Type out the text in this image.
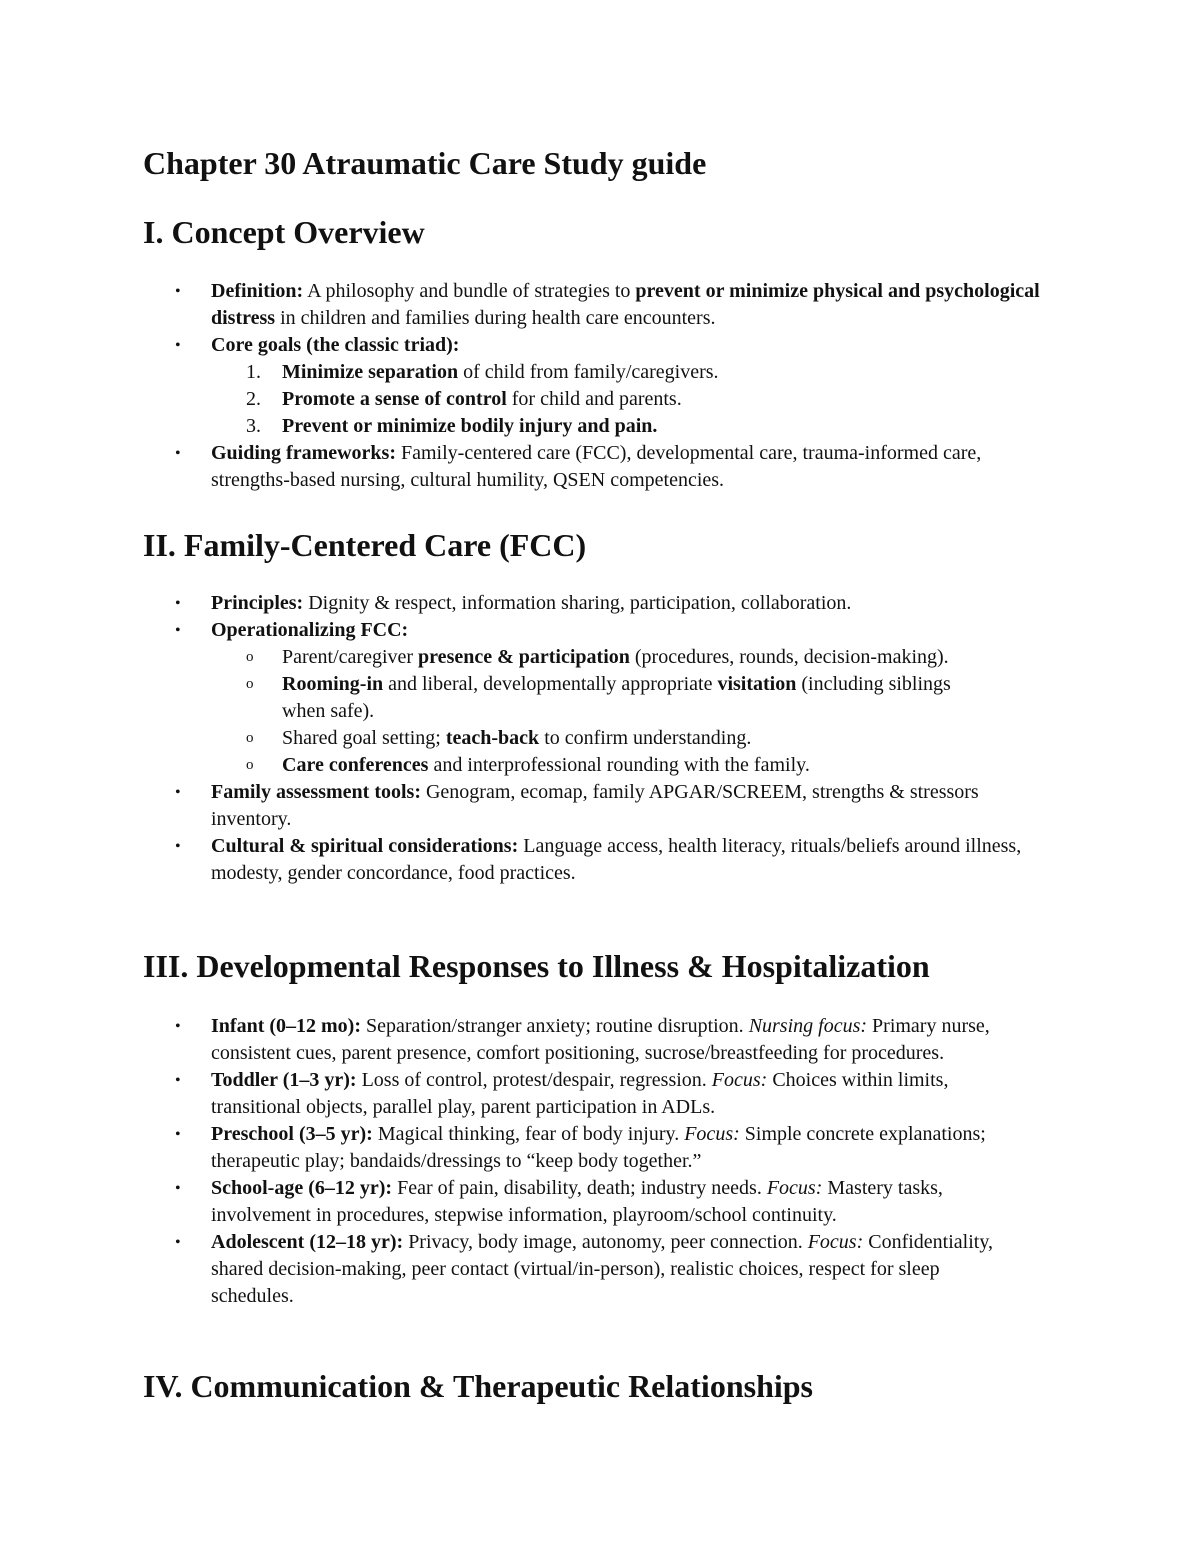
Chapter 30 Atraumatic Care Study guide
I. Concept Overview
• Definition: A philosophy and bundle of strategies to prevent or minimize physical and psychological distress in children and families during health care encounters.
• Core goals (the classic triad):
1. Minimize separation of child from family/caregivers.
2. Promote a sense of control for child and parents.
3. Prevent or minimize bodily injury and pain.
• Guiding frameworks: Family-centered care (FCC), developmental care, trauma-informed care, strengths-based nursing, cultural humility, QSEN competencies.
II. Family-Centered Care (FCC)
• Principles: Dignity & respect, information sharing, participation, collaboration.
• Operationalizing FCC:
o Parent/caregiver presence & participation (procedures, rounds, decision-making).
o Rooming-in and liberal, developmentally appropriate visitation (including siblings when safe).
o Shared goal setting; teach-back to confirm understanding.
o Care conferences and interprofessional rounding with the family.
• Family assessment tools: Genogram, ecomap, family APGAR/SCREEM, strengths & stressors inventory.
• Cultural & spiritual considerations: Language access, health literacy, rituals/beliefs around illness, modesty, gender concordance, food practices.
III. Developmental Responses to Illness & Hospitalization
• Infant (0–12 mo): Separation/stranger anxiety; routine disruption. Nursing focus: Primary nurse, consistent cues, parent presence, comfort positioning, sucrose/breastfeeding for procedures.
• Toddler (1–3 yr): Loss of control, protest/despair, regression. Focus: Choices within limits, transitional objects, parallel play, parent participation in ADLs.
• Preschool (3–5 yr): Magical thinking, fear of body injury. Focus: Simple concrete explanations; therapeutic play; bandaids/dressings to “keep body together.”
• School-age (6–12 yr): Fear of pain, disability, death; industry needs. Focus: Mastery tasks, involvement in procedures, stepwise information, playroom/school continuity.
• Adolescent (12–18 yr): Privacy, body image, autonomy, peer connection. Focus: Confidentiality, shared decision-making, peer contact (virtual/in-person), realistic choices, respect for sleep schedules.
IV. Communication & Therapeutic Relationships
